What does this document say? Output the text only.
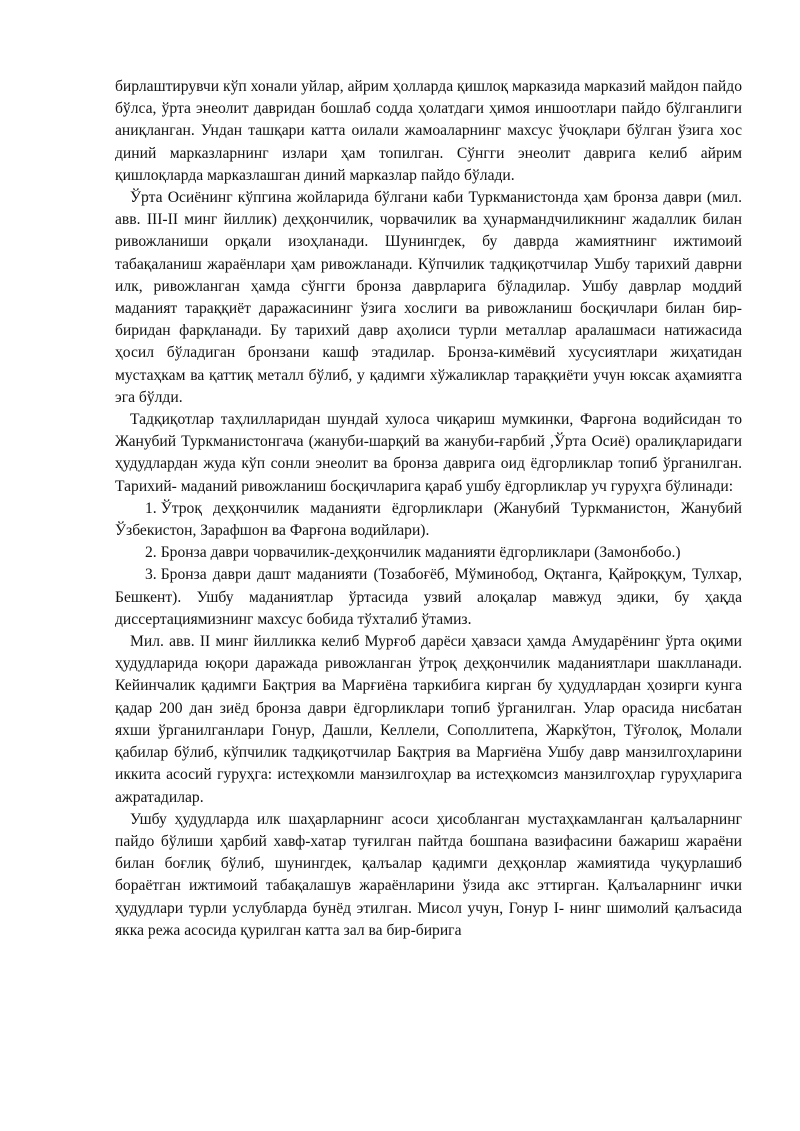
бирлаштирувчи кўп хонали уйлар, айрим ҳолларда қишлоқ марказида марказий майдон пайдо бўлса, ўрта энеолит давридан бошлаб содда ҳолатдаги ҳимоя иншоотлари пайдо бўлганлиги аниқланган. Ундан ташқари катта оилали жамоаларнинг махсус ўчоқлари бўлган ўзига хос диний марказларнинг излари ҳам топилган. Сўнгги энеолит даврига келиб айрим қишлоқларда марказлашган диний марказлар пайдо бўлади.

Ўрта Осиёнинг кўпгина жойларида бўлгани каби Туркманистонда ҳам бронза даври (мил. авв. III-II минг йиллик) деҳқончилик, чорвачилик ва ҳунармандчиликнинг жадаллик билан ривожланиши орқали изоҳланади. Шунингдек, бу даврда жамиятнинг ижтимоий табақаланиш жараёнлари ҳам ривожланади. Кўпчилик тадқиқотчилар Ушбу тарихий даврни илк, ривожланган ҳамда сўнгги бронза даврларига бўладилар. Ушбу даврлар моддий маданият тараққиёт даражасининг ўзига хослиги ва ривожланиш босқичлари билан бир-биридан фарқланади. Бу тарихий давр аҳолиси турли металлар аралашмаси натижасида ҳосил бўладиган бронзани кашф этадилар. Бронза-кимёвий хусусиятлари жиҳатидан мустаҳкам ва қаттиқ металл бўлиб, у қадимги хўжаликлар тараққиёти учун юксак аҳамиятга эга бўлди.

Тадқиқотлар таҳлилларидан шундай хулоса чиқариш мумкинки, Фарғона водийсидан то Жанубий Туркманистонгача (жануби-шарқий ва жануби-ғарбий ,Ўрта Осиё) оралиқларидаги ҳудудлардан жуда кўп сонли энеолит ва бронза даврига оид ёдгорликлар топиб ўрганилган. Тарихий- маданий ривожланиш босқичларига қараб ушбу ёдгорликлар уч гуруҳга бўлинади:

1. Ўтроқ деҳқончилик маданияти ёдгорликлари (Жанубий Туркманистон, Жанубий Ўзбекистон, Зарафшон ва Фарғона водийлари).

2. Бронза даври чорвачилик-деҳқончилик маданияти ёдгорликлари (Замонбобо.)

3. Бронза даври дашт маданияти (Тозабоғёб, Мўминобод, Оқтанга, Қайроққум, Тулхар, Бешкент). Ушбу маданиятлар ўртасида узвий алоқалар мавжуд эдики, бу ҳақда диссертациямизнинг махсус бобида тўхталиб ўтамиз.

Мил. авв. II минг йилликка келиб Мурғоб дарёси ҳавзаси ҳамда Амударёнинг ўрта оқими ҳудудларида юқори даражада ривожланган ўтроқ деҳқончилик маданиятлари шаклланади. Кейинчалик қадимги Бақтрия ва Марғиёна таркибига кирган бу ҳудудлардан ҳозирги кунга қадар 200 дан зиёд бронза даври ёдгорликлари топиб ўрганилган. Улар орасида нисбатан яхши ўрганилганлари Гонур, Дашли, Келлели, Сополлитепа, Жаркўтон, Тўғолоқ, Молали қабилар бўлиб, кўпчилик тадқиқотчилар Бақтрия ва Марғиёна Ушбу давр манзилгоҳларини иккита асосий гуруҳга: истеҳкомли манзилгоҳлар ва истеҳкомсиз манзилгоҳлар гуруҳларига ажратадилар.

Ушбу ҳудудларда илк шаҳарларнинг асоси ҳисобланган мустаҳкамланган қалъаларнинг пайдо бўлиши ҳарбий хавф-хатар туғилган пайтда бошпана вазифасини бажариш жараёни билан боғлиқ бўлиб, шунингдек, қалъалар қадимги деҳқонлар жамиятида чуқурлашиб бораётган ижтимоий табақалашув жараёнларини ўзида акс эттирган. Қалъаларнинг ички ҳудудлари турли услубларда бунёд этилган. Мисол учун, Гонур I- нинг шимолий қалъасида якка режа асосида қурилган катта зал ва бир-бирига
